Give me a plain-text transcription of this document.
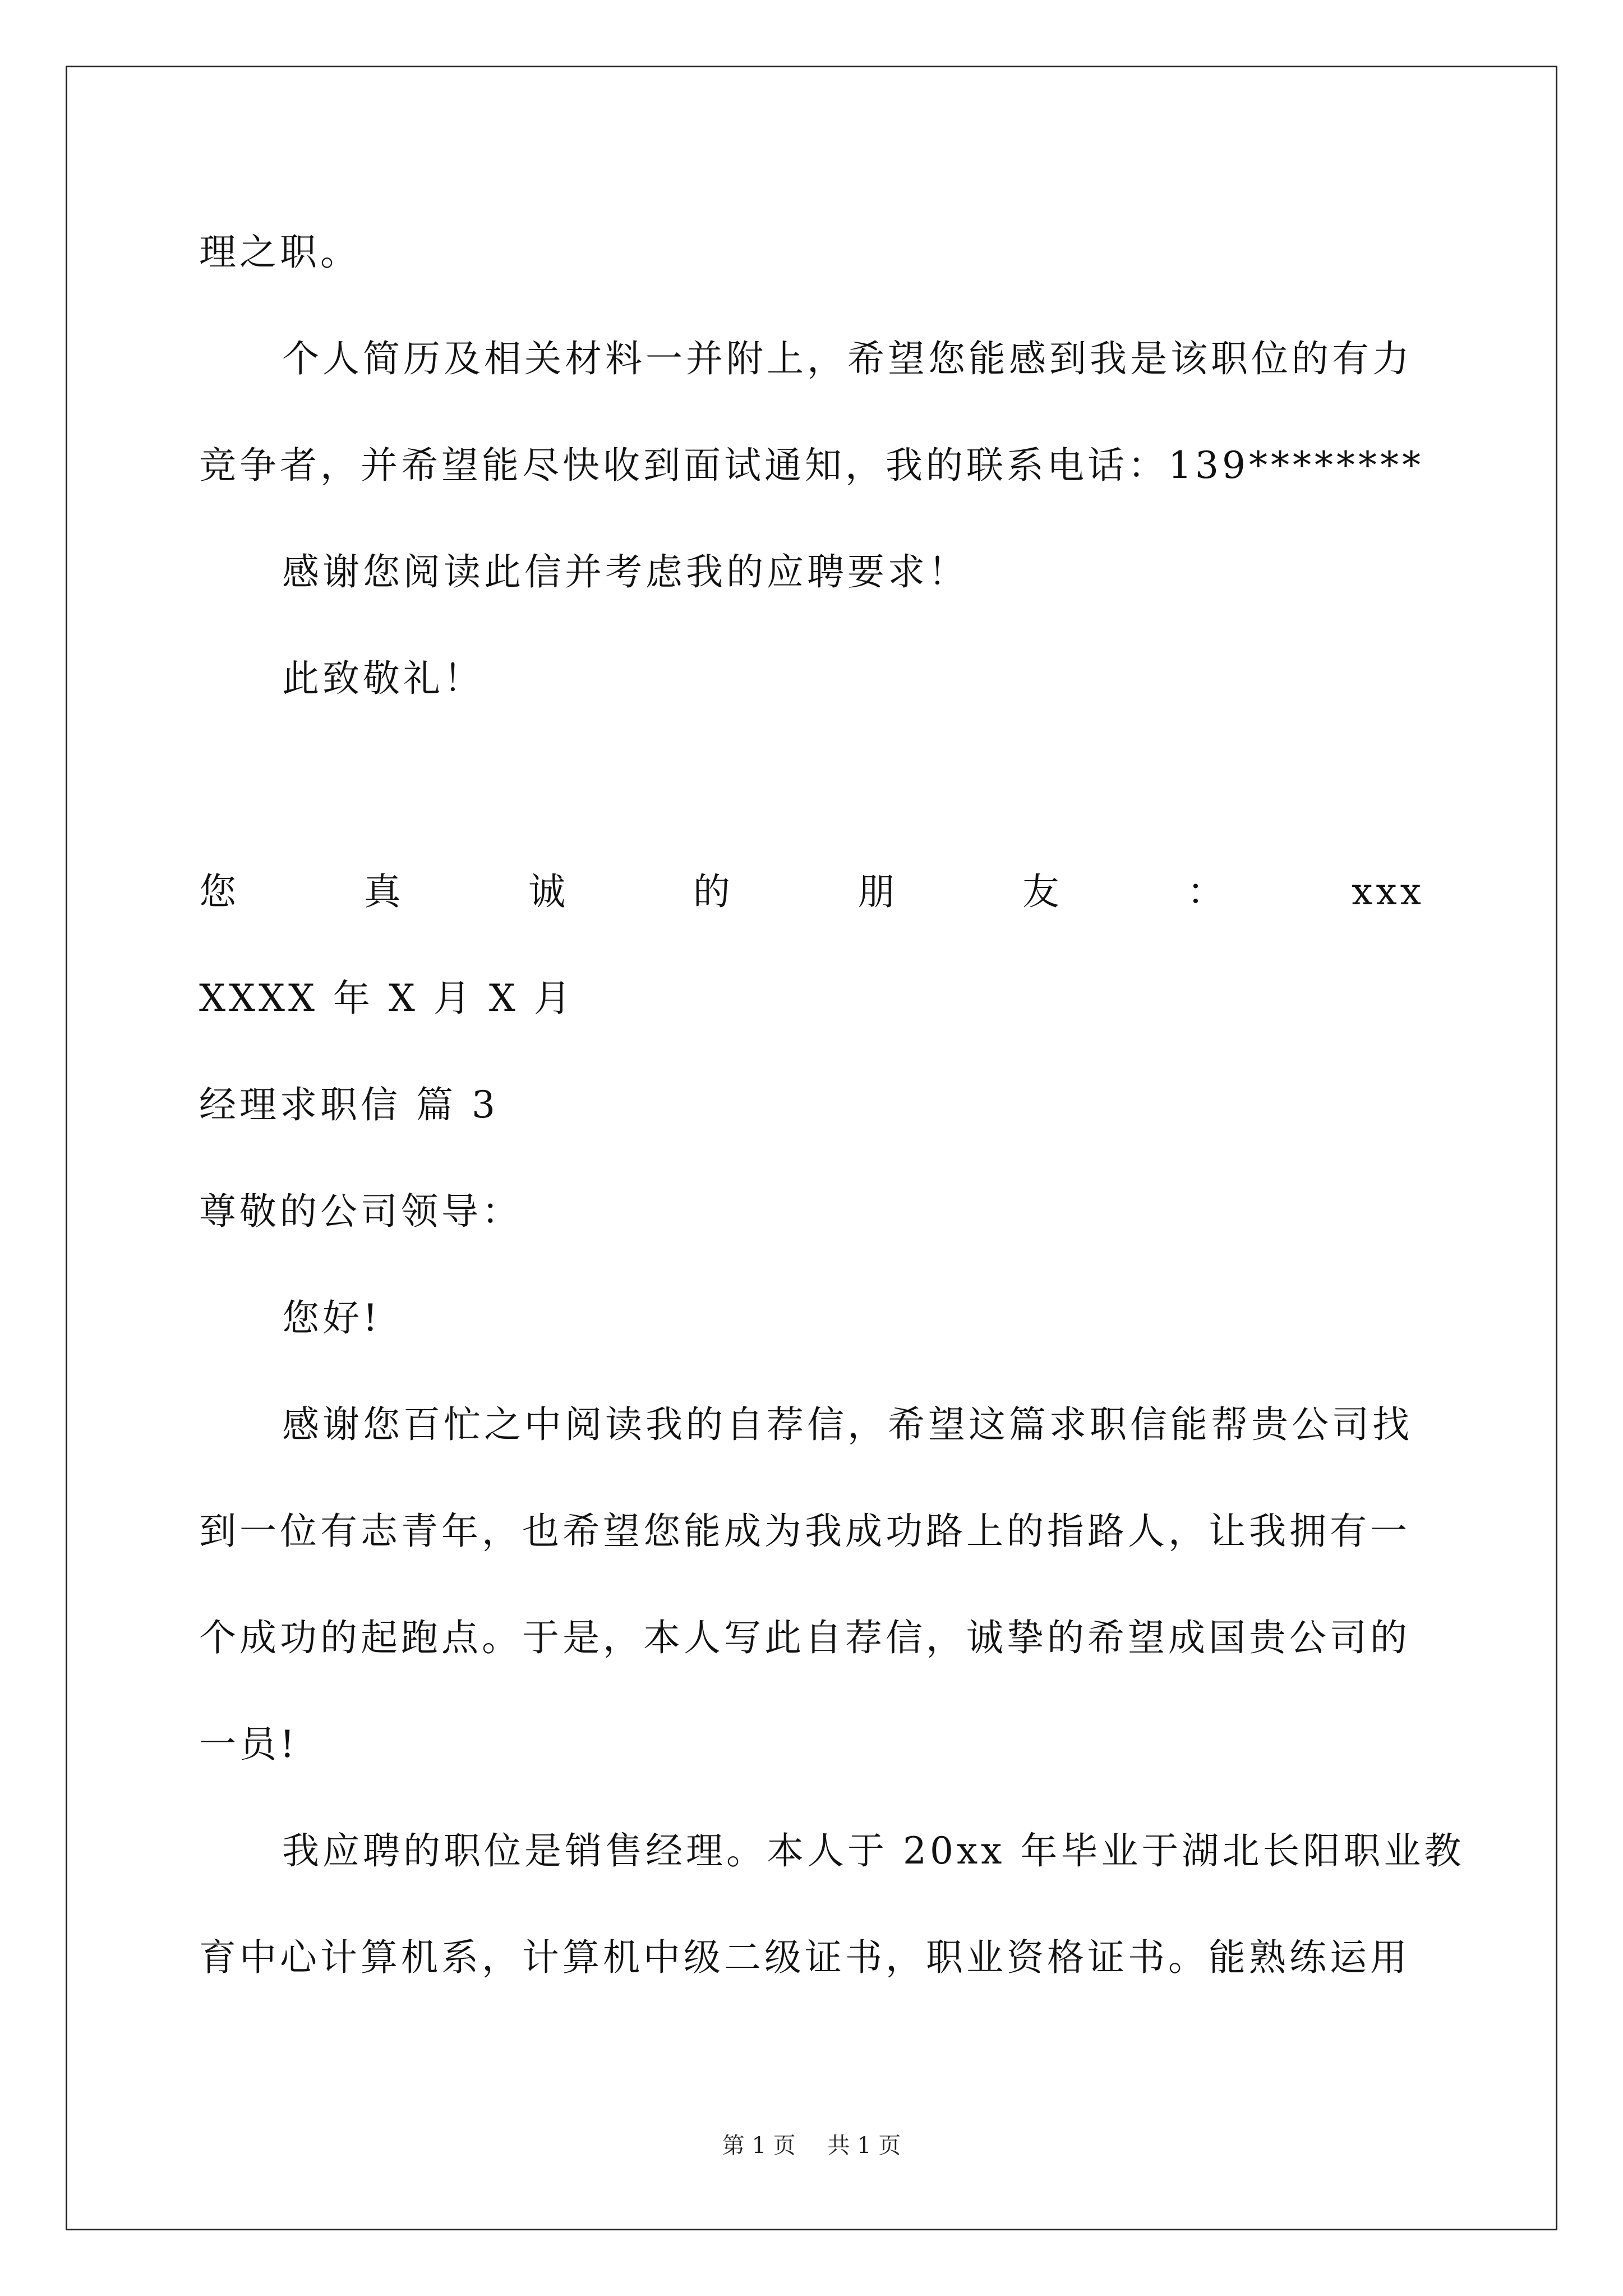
理之职。
个人简历及相关材料一并附上，希望您能感到我是该职位的有力
竞争者，并希望能尽快收到面试通知，我的联系电话：139********
感谢您阅读此信并考虑我的应聘要求！
此致敬礼！
您	真	诚	的	朋	友	：	xxx
XXXX 年 X 月 X 月
经理求职信 篇 3
尊敬的公司领导：
您好!
感谢您百忙之中阅读我的自荐信，希望这篇求职信能帮贵公司找
到一位有志青年，也希望您能成为我成功路上的指路人，让我拥有一
个成功的起跑点。于是，本人写此自荐信，诚挚的希望成国贵公司的
一员!
我应聘的职位是销售经理。本人于 20xx 年毕业于湖北长阳职业教
育中心计算机系，计算机中级二级证书，职业资格证书。能熟练运用
第 1 页 共 1 页
